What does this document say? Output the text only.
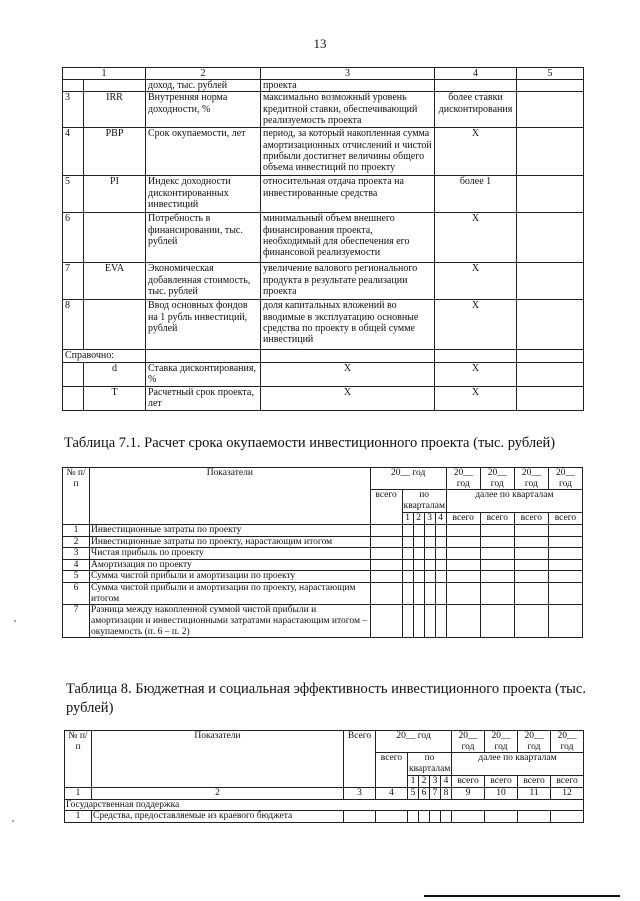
13
1		2	3	4	5
		доход, тыс. рублей	проекта		
3	IRR	Внутренняя норма доходности, %	максимально возможный уровень кредитной ставки, обеспечивающий реализуемость проекта	более ставки дисконтирования	
4	PBP	Срок окупаемости, лет	период, за который накопленная сумма амортизационных отчислений и чистой прибыли достигнет величины общего объема инвестиций по проекту	Х	
5	PI	Индекс доходности дисконтированных инвестиций	относительная отдача проекта на инвестированные средства	более 1	
6		Потребность в финансировании, тыс. рублей	минимальный объем внешнего финансирования проекта, необходимый для обеспечения его финансовой реализуемости	Х	
7	EVA	Экономическая добавленная стоимость, тыс. рублей	увеличение валового регионального продукта в результате реализации проекта	Х	
8		Ввод основных фондов на 1 рубль инвестиций, рублей	доля капитальных вложений во вводимые в эксплуатацию основные средства по проекту в общей сумме инвестиций	Х	
Справочно:					
	d	Ставка дисконтирования, %	Х	Х	
	T	Расчетный срок проекта, лет	Х	Х	
Таблица 7.1. Расчет срока окупаемости инвестиционного проекта (тыс. рублей)
№ п/п	Показатели	20__ год					20__ год	20__ год	20__ год	20__ год
		всего	по кварталам				далее по кварталам			
			1	2	3	4	всего	всего	всего	всего
1	Инвестиционные затраты по проекту									
2	Инвестиционные затраты по проекту, нарастающим итогом									
3	Чистая прибыль по проекту									
4	Амортизация по проекту									
5	Сумма чистой прибыли и амортизации по проекту									
6	Сумма чистой прибыли и амортизации по проекту, нарастающим итогом									
7	Разница между накопленной суммой чистой прибыли и амортизации и инвестиционными затратами нарастающим итогом – окупаемость (п. 6 – п. 2)									
Таблица 8. Бюджетная и социальная эффективность инвестиционного проекта (тыс. рублей)
№ п/п	Показатели	Всего	20__ год					20__ год	20__ год	20__ год	20__ год
			всего	по кварталам				далее по кварталам			
				1	2	3	4	всего	всего	всего	всего
1	2	3	4	5	6	7	8	9	10	11	12
Государственная поддержка											
1	Средства, предоставляемые из краевого бюджета										
